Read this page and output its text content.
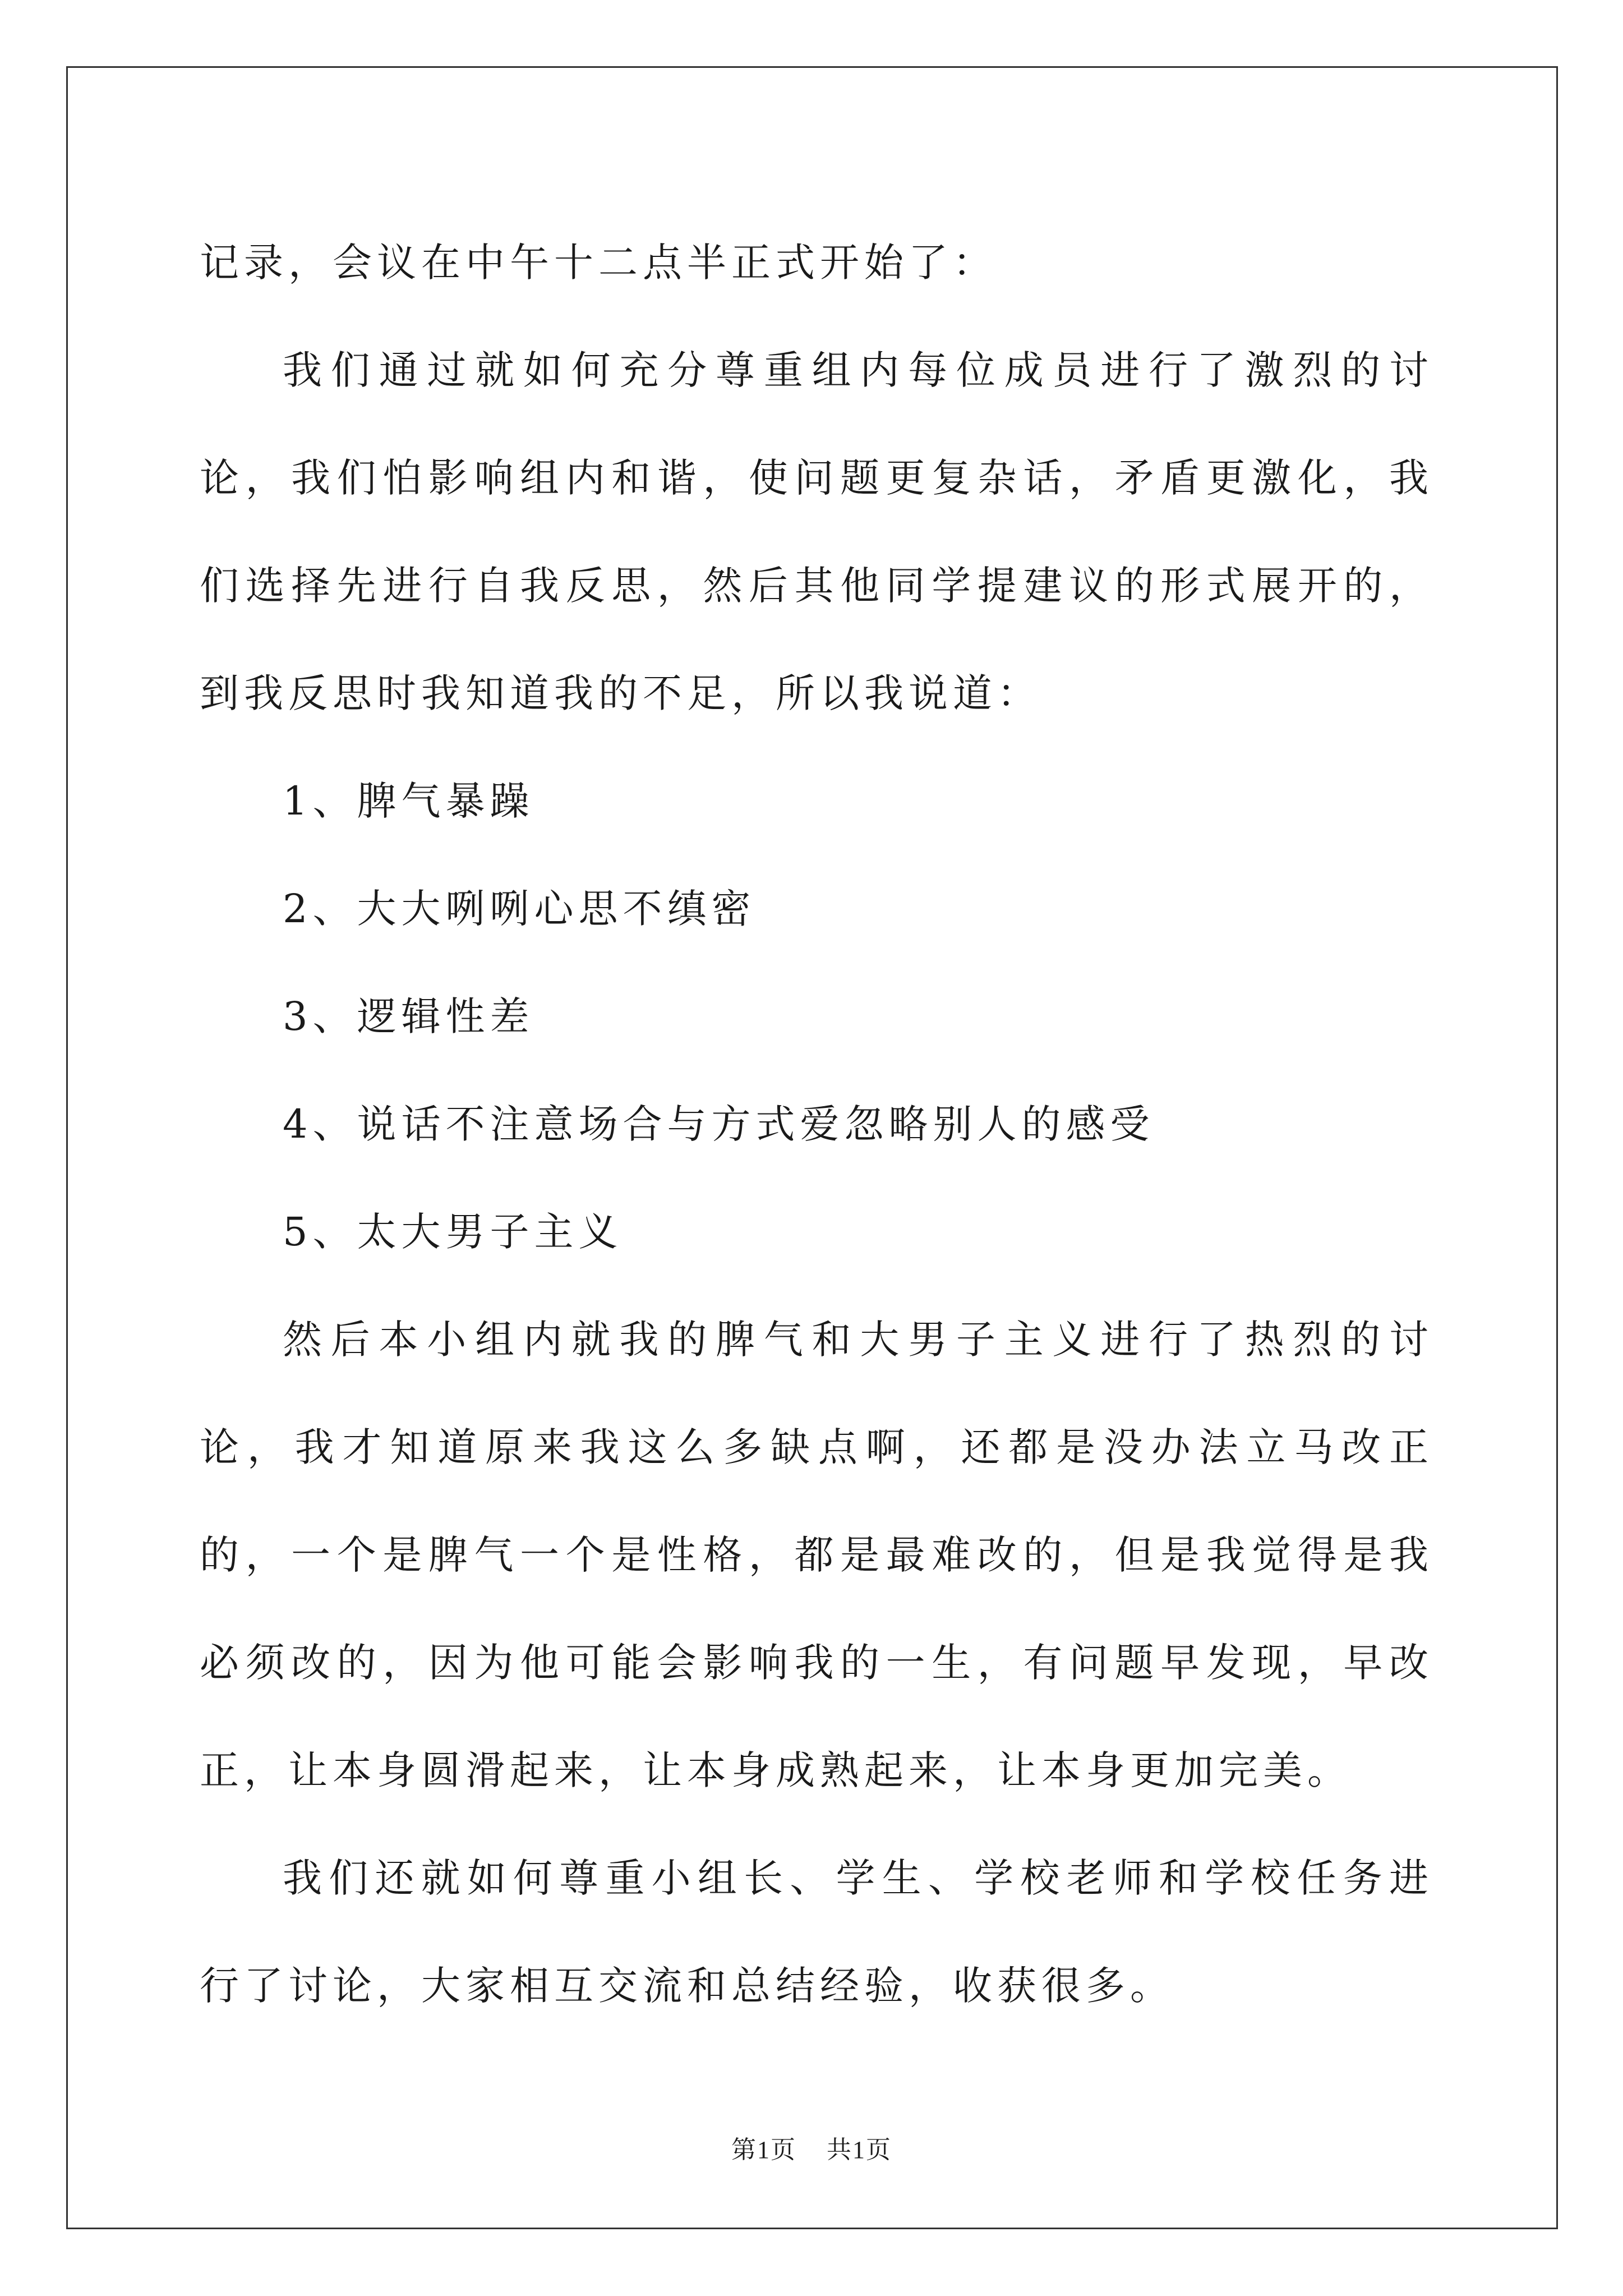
记录，会议在中午十二点半正式开始了：

我们通过就如何充分尊重组内每位成员进行了激烈的讨论，我们怕影响组内和谐，使问题更复杂话，矛盾更激化，我们选择先进行自我反思，然后其他同学提建议的形式展开的，到我反思时我知道我的不足，所以我说道：

1、脾气暴躁

2、大大咧咧心思不缜密

3、逻辑性差

4、说话不注意场合与方式爱忽略别人的感受

5、太大男子主义

然后本小组内就我的脾气和大男子主义进行了热烈的讨论，我才知道原来我这么多缺点啊，还都是没办法立马改正的，一个是脾气一个是性格，都是最难改的，但是我觉得是我必须改的，因为他可能会影响我的一生，有问题早发现，早改正，让本身圆滑起来，让本身成熟起来，让本身更加完美。

我们还就如何尊重小组长、学生、学校老师和学校任务进行了讨论，大家相互交流和总结经验，收获很多。

第1页 共1页
